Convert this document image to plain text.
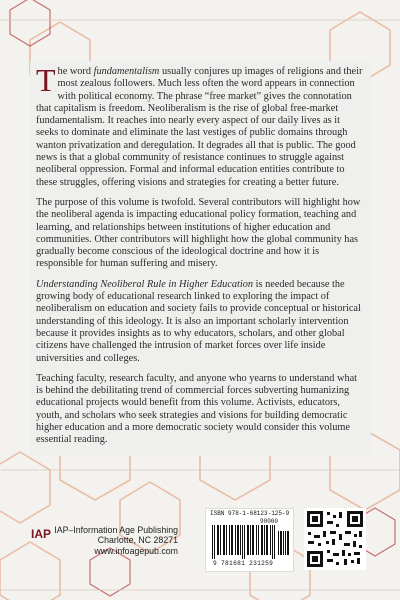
The word fundamentalism usually conjures up images of religions and their most zealous followers. Much less often the word appears in connection with political economy. The phrase “free market” gives the connotation that capitalism is freedom. Neoliberalism is the rise of global free-market fundamentalism. It reaches into nearly every aspect of our daily lives as it seeks to dominate and eliminate the last vestiges of public domains through wanton privatization and deregulation. It degrades all that is public. The good news is that a global community of resistance continues to struggle against neoliberal oppression. Formal and informal education entities contribute to these struggles, offering visions and strategies for creating a better future.

The purpose of this volume is twofold. Several contributors will highlight how the neoliberal agenda is impacting educational policy formation, teaching and learning, and relationships between institutions of higher education and communities. Other contributors will highlight how the global community has gradually become conscious of the ideological doctrine and how it is responsible for human suffering and misery.

Understanding Neoliberal Rule in Higher Education is needed because the growing body of educational research linked to exploring the impact of neoliberalism on education and society fails to provide conceptual or historical understanding of this ideology. It is also an important scholarly intervention because it provides insights as to why educators, scholars, and other global citizens have challenged the intrusion of market forces over life inside universities and colleges.

Teaching faculty, research faculty, and anyone who yearns to understand what is behind the debilitating trend of commercial forces subverting humanizing educational projects would benefit from this volume. Activists, educators, youth, and scholars who seek strategies and visions for building democratic higher education and a more democratic society would consider this volume essential reading.

IAP IAP–Information Age Publishing
Charlotte, NC 28271
www.infoagepub.com
ISBN 978-1-68123-125-9
90000
9 781681 231259
